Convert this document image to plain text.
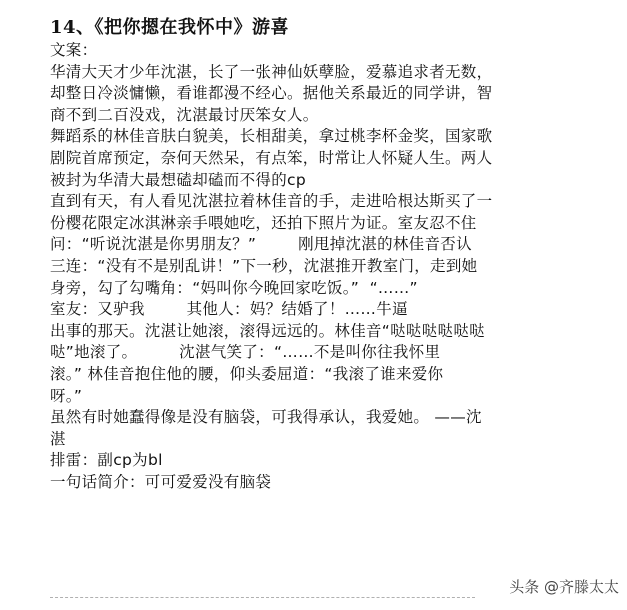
14、《把你摁在我怀中》游喜

文案：

华清大天才少年沈湛，长了一张神仙妖孽脸，爱慕追求者无数，

却整日冷淡慵懒，看谁都漫不经心。据他关系最近的同学讲，智

商不到二百没戏，沈湛最讨厌笨女人。

舞蹈系的林佳音肤白貌美，长相甜美，拿过桃李杯金奖，国家歌

剧院首席预定，奈何天然呆，有点笨，时常让人怀疑人生。两人

被封为华清大最想磕却磕而不得的cp

直到有天，有人看见沈湛拉着林佳音的手，走进哈根达斯买了一

份樱花限定冰淇淋亲手喂她吃，还拍下照片为证。室友忍不住

问：“听说沈湛是你男朋友？”        刚甩掉沈湛的林佳音否认

三连：“没有不是别乱讲！”下一秒，沈湛推开教室门，走到她

身旁，勾了勾嘴角：“妈叫你今晚回家吃饭。”  “……”

室友：又驴我        其他人：妈？结婚了！……牛逼

出事的那天。沈湛让她滚，滚得远远的。林佳音“哒哒哒哒哒哒

哒”地滚了。        沈湛气笑了：“……不是叫你往我怀里

滚。” 林佳音抱住他的腰，仰头委屈道：“我滚了谁来爱你

呀。”

虽然有时她蠢得像是没有脑袋，可我得承认，我爱她。 ——沈

湛

排雷：副cp为bl

一句话简介：可可爱爱没有脑袋

头条 @齐滕太太
